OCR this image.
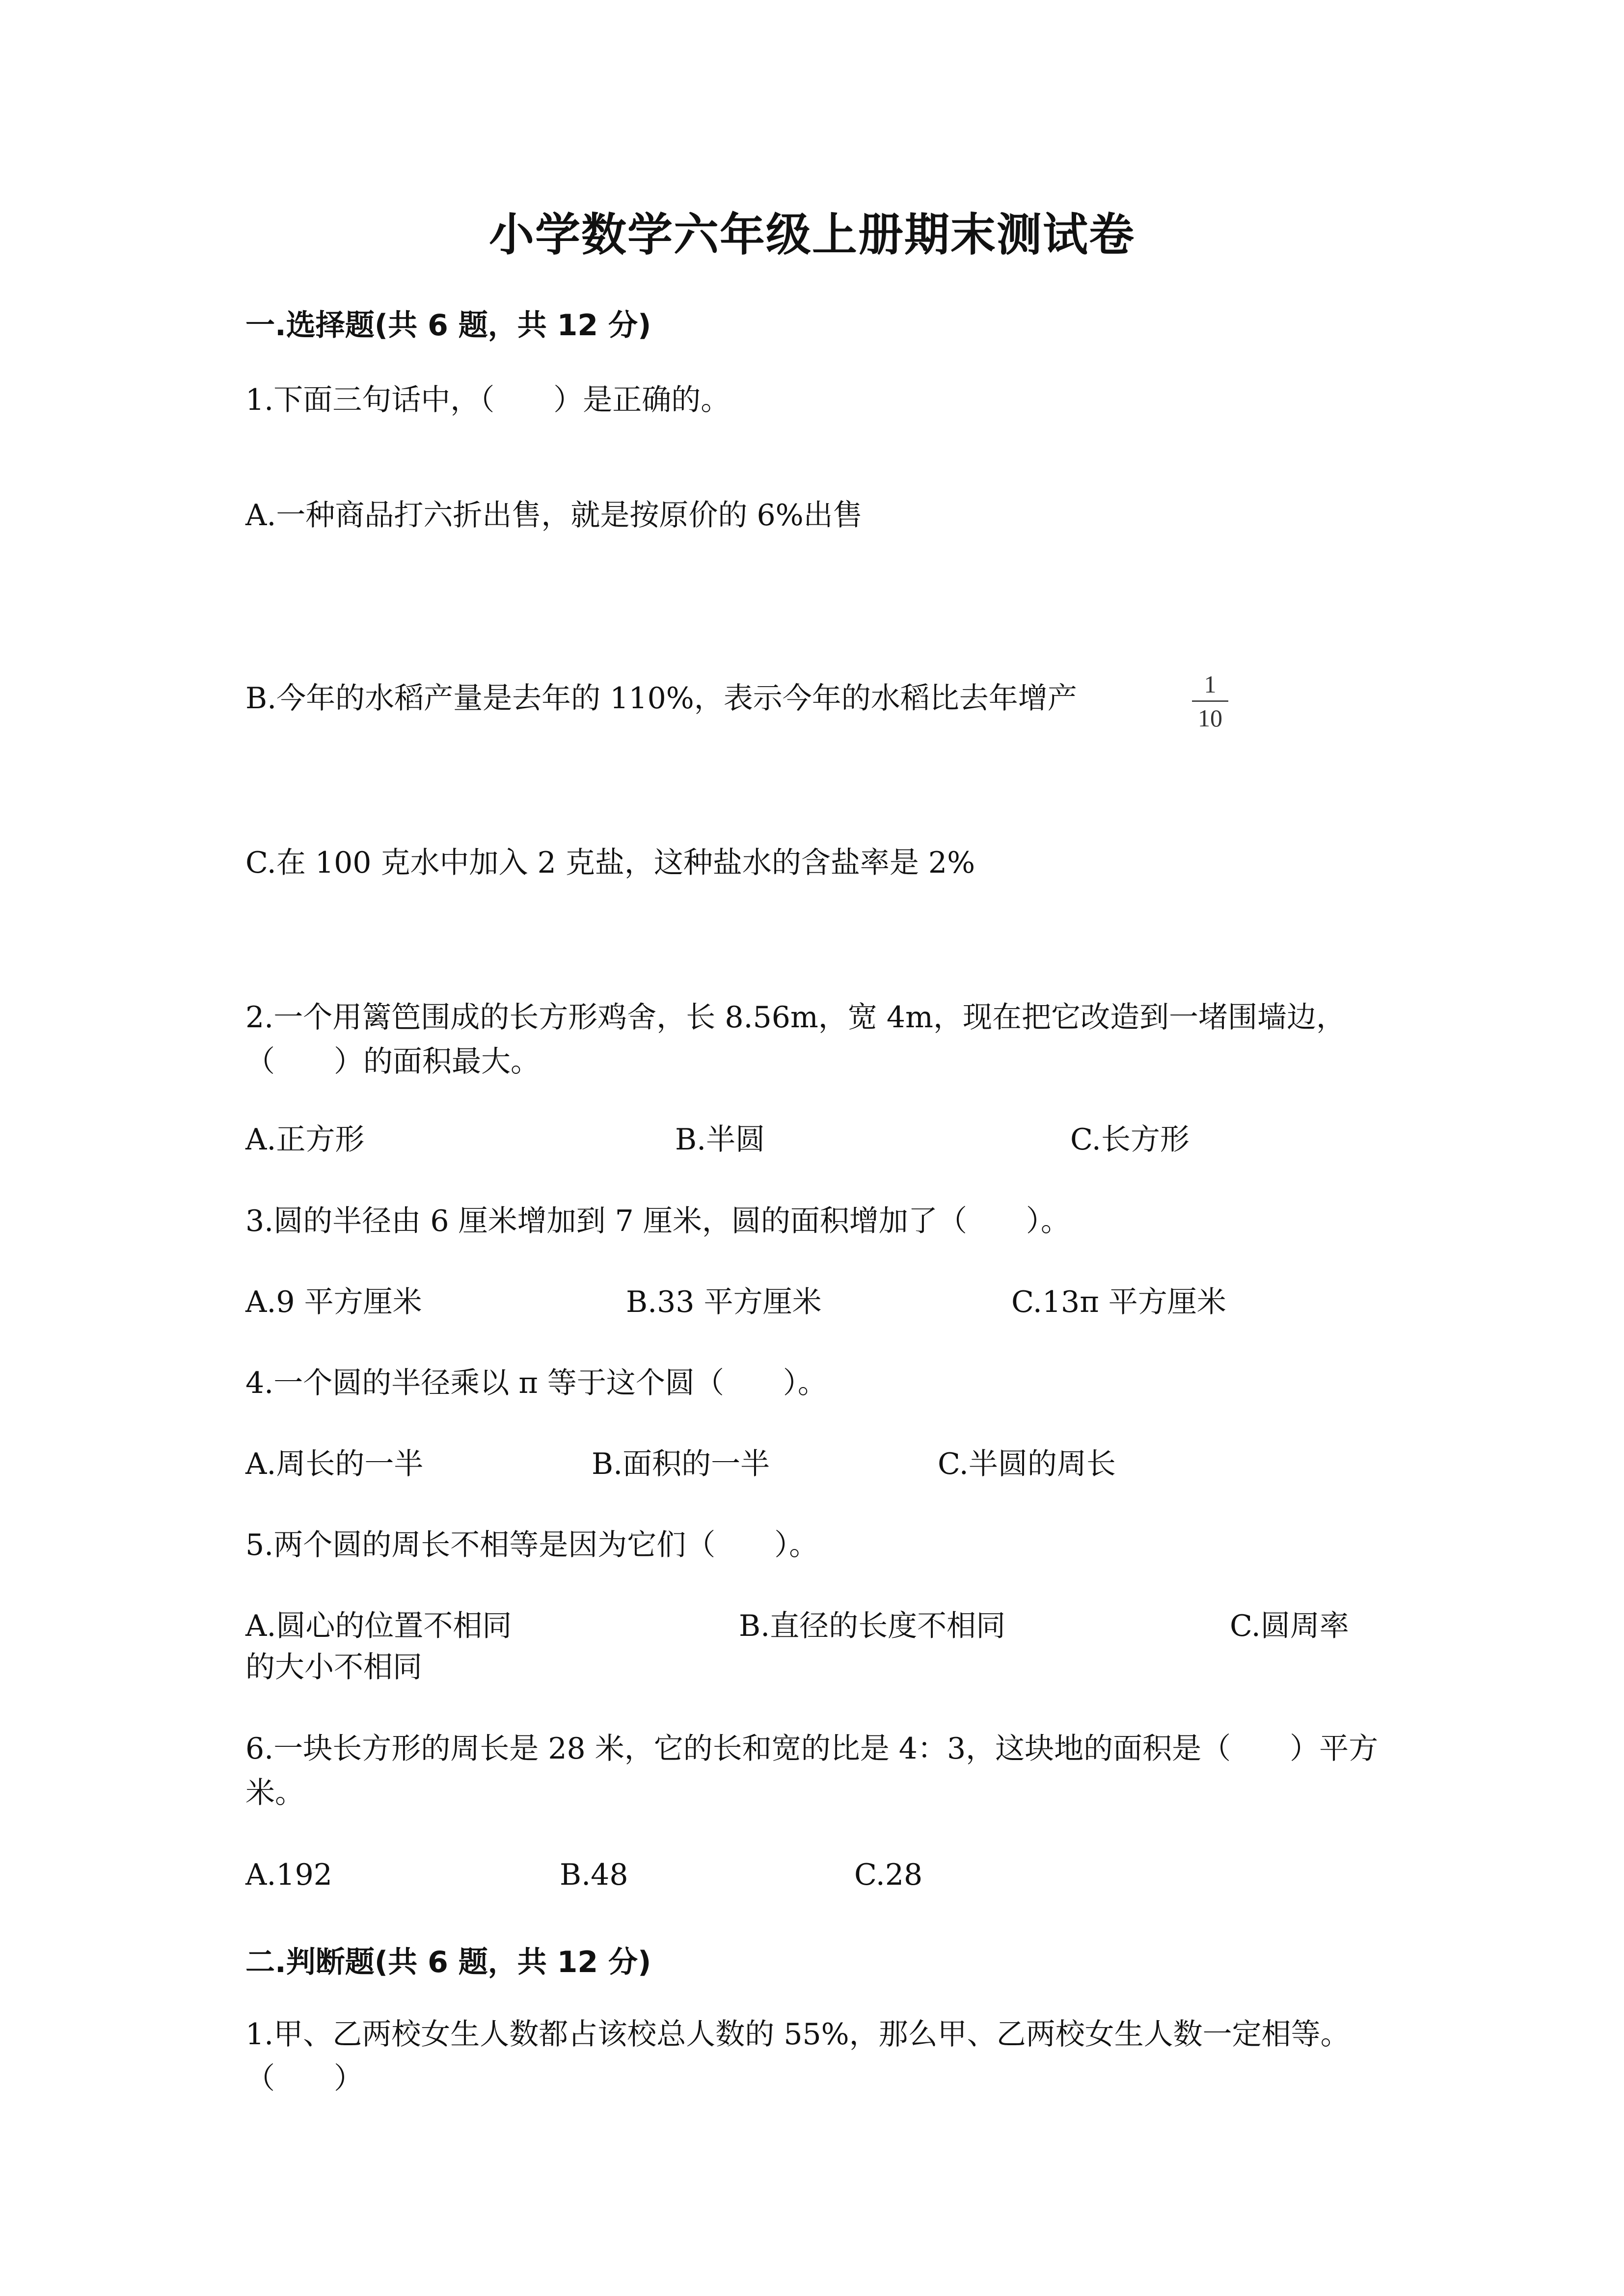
小学数学六年级上册期末测试卷
一.选择题(共 6 题，共 12 分)
1.下面三句话中，（　　）是正确的。
A.一种商品打六折出售，就是按原价的 6%出售
B.今年的水稻产量是去年的 110%，表示今年的水稻比去年增产	1
10
C.在 100 克水中加入 2 克盐，这种盐水的含盐率是 2%
2.一个用篱笆围成的长方形鸡舍，长 8.56m，宽 4m，现在把它改造到一堵围墙边，（　　）的面积最大。
A.正方形	B.半圆	C.长方形
3.圆的半径由 6 厘米增加到 7 厘米，圆的面积增加了（　　）。
A.9 平方厘米	B.33 平方厘米	C.13π 平方厘米
4.一个圆的半径乘以 π 等于这个圆（　　）。
A.周长的一半	B.面积的一半	C.半圆的周长
5.两个圆的周长不相等是因为它们（　　）。
A.圆心的位置不相同	B.直径的长度不相同	C.圆周率
的大小不相同
6.一块长方形的周长是 28 米，它的长和宽的比是 4：3，这块地的面积是（　　）平方米。
A.192	B.48	C.28
二.判断题(共 6 题，共 12 分)
1.甲、乙两校女生人数都占该校总人数的 55%，那么甲、乙两校女生人数一定相等。（　　）
